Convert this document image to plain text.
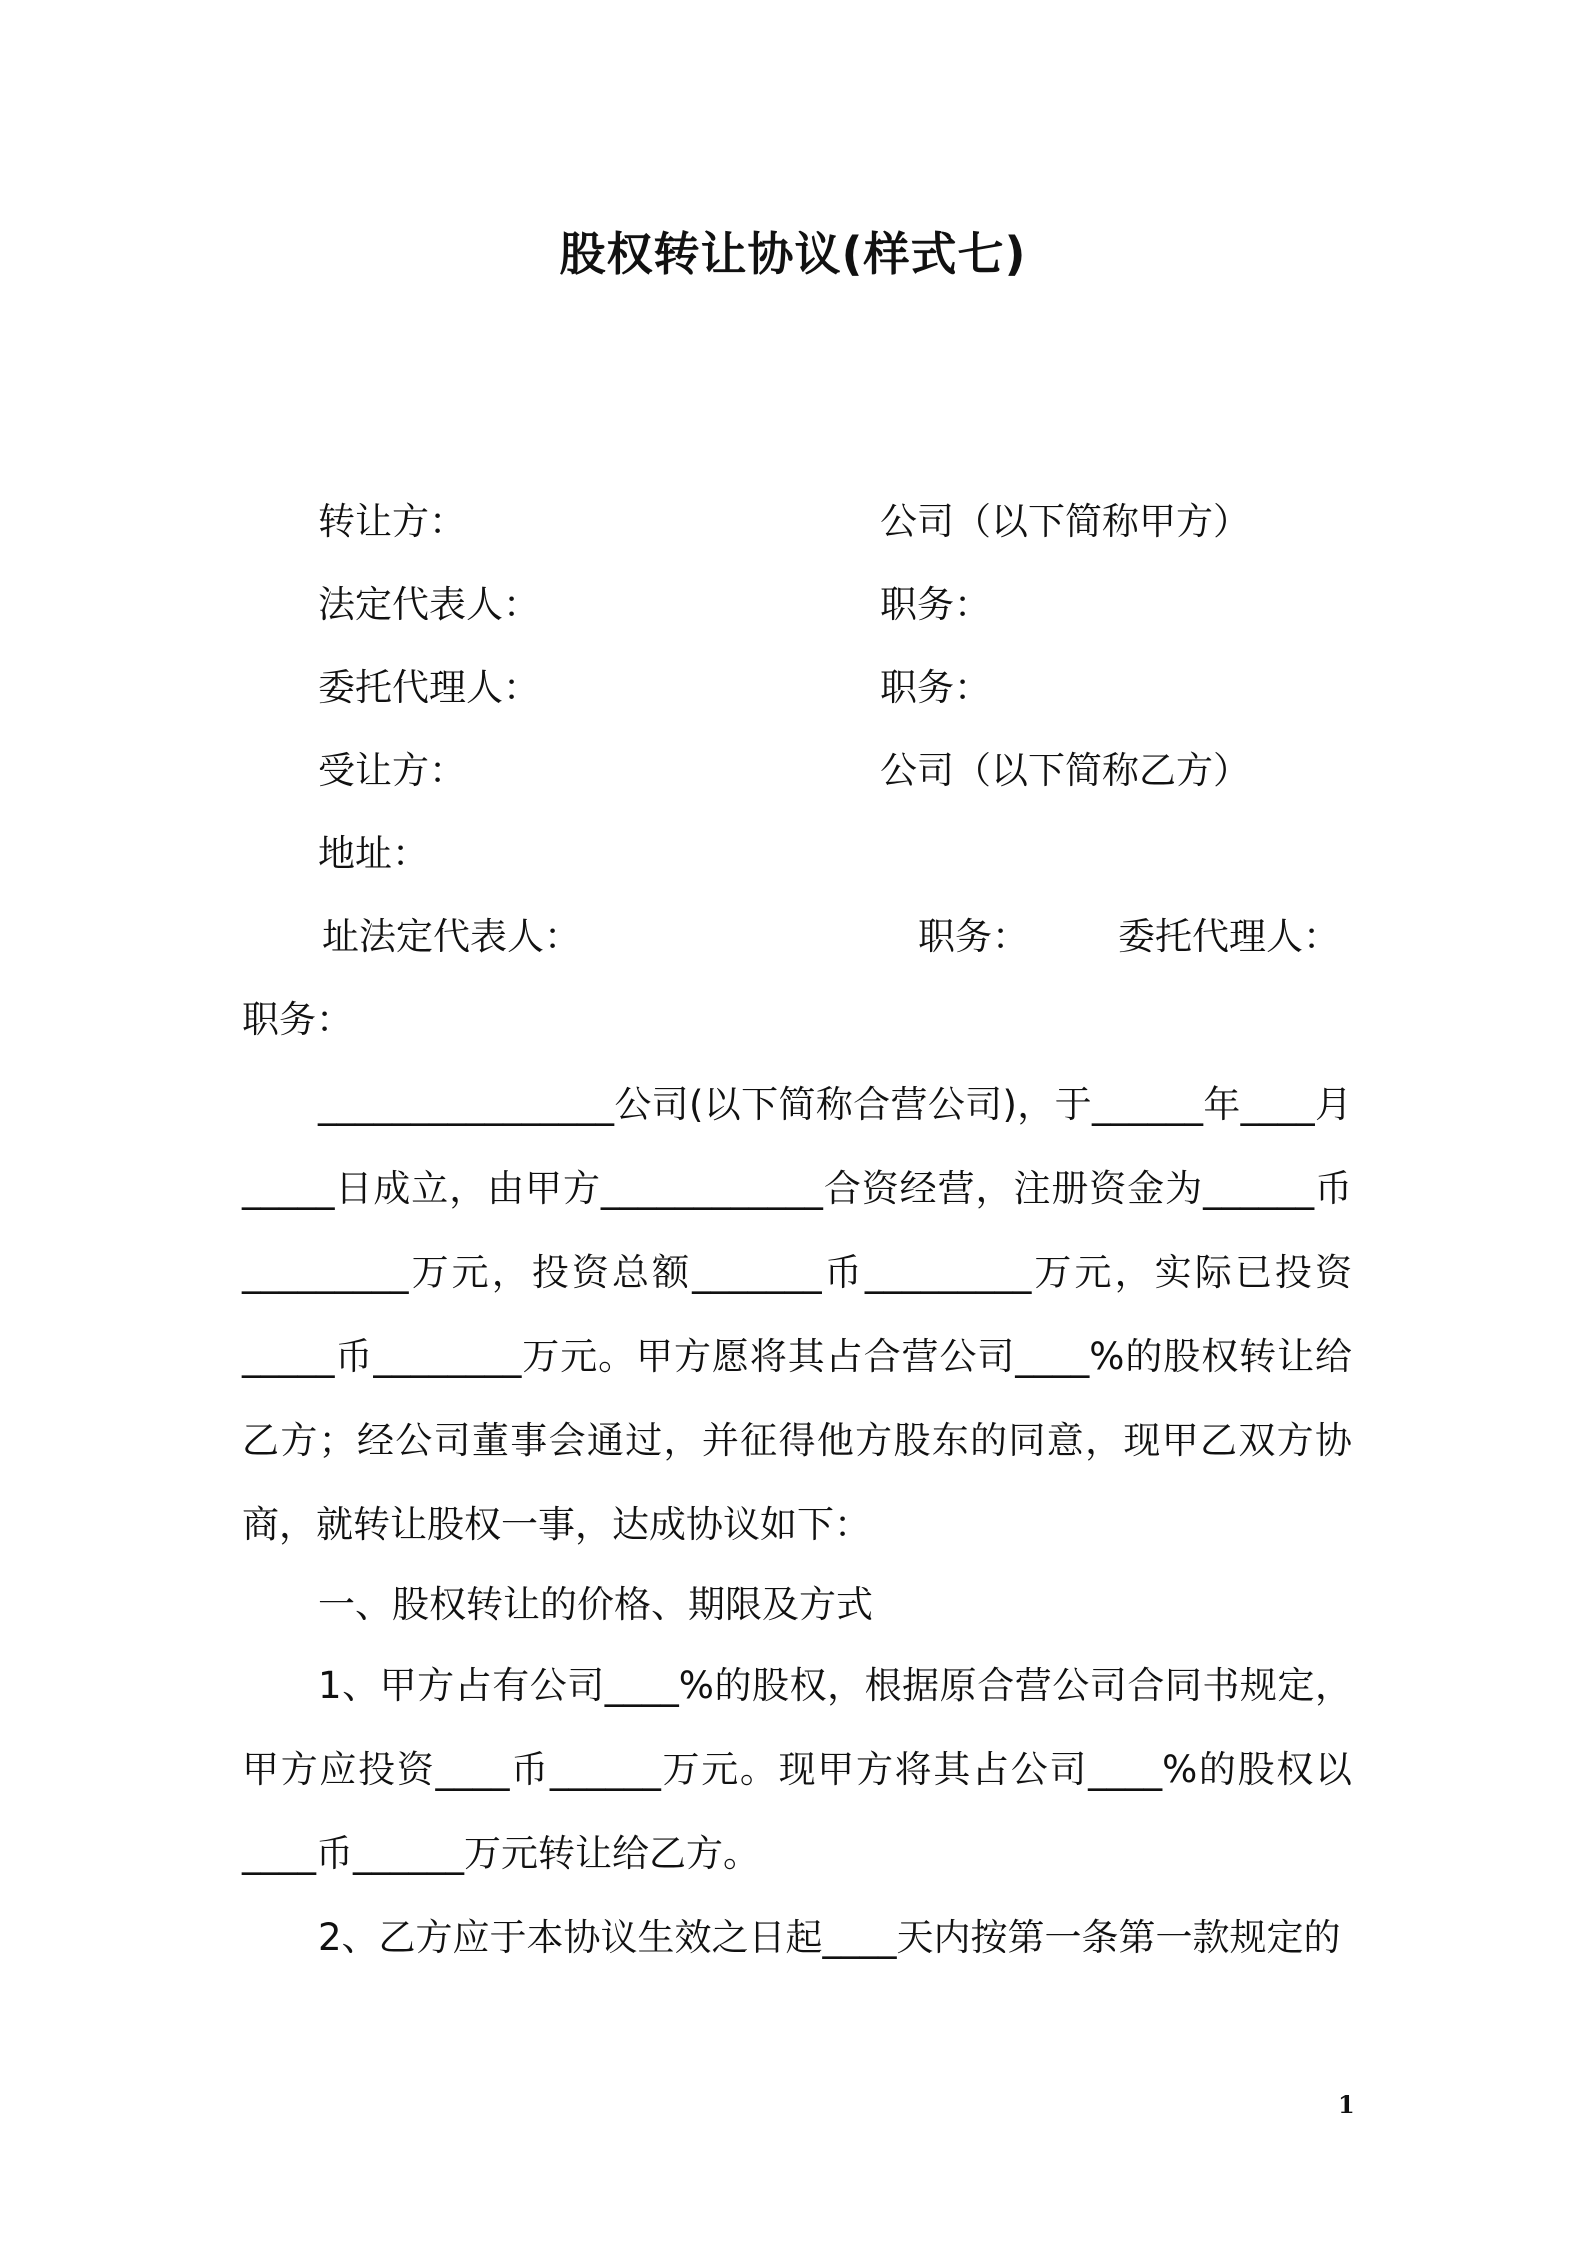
股权转让协议(样式七)
转让方：	公司（以下简称甲方）
法定代表人：	职务：
委托代理人：	职务：
受让方：	公司（以下简称乙方）
地址：
址法定代表人：	职务： 委托代理人：
职务：

________________公司(以下简称合营公司)，于______年____月_____日成立，由甲方____________合资经营，注册资金为______币_________万元，投资总额_______币_________万元，实际已投资_____币________万元。甲方愿将其占合营公司____%的股权转让给乙方；经公司董事会通过，并征得他方股东的同意，现甲乙双方协商，就转让股权一事，达成协议如下：

一、股权转让的价格、期限及方式

1、甲方占有公司____%的股权，根据原合营公司合同书规定，甲方应投资____币______万元。现甲方将其占公司____%的股权以____币______万元转让给乙方。

2、乙方应于本协议生效之日起____天内按第一条第一款规定的

1
